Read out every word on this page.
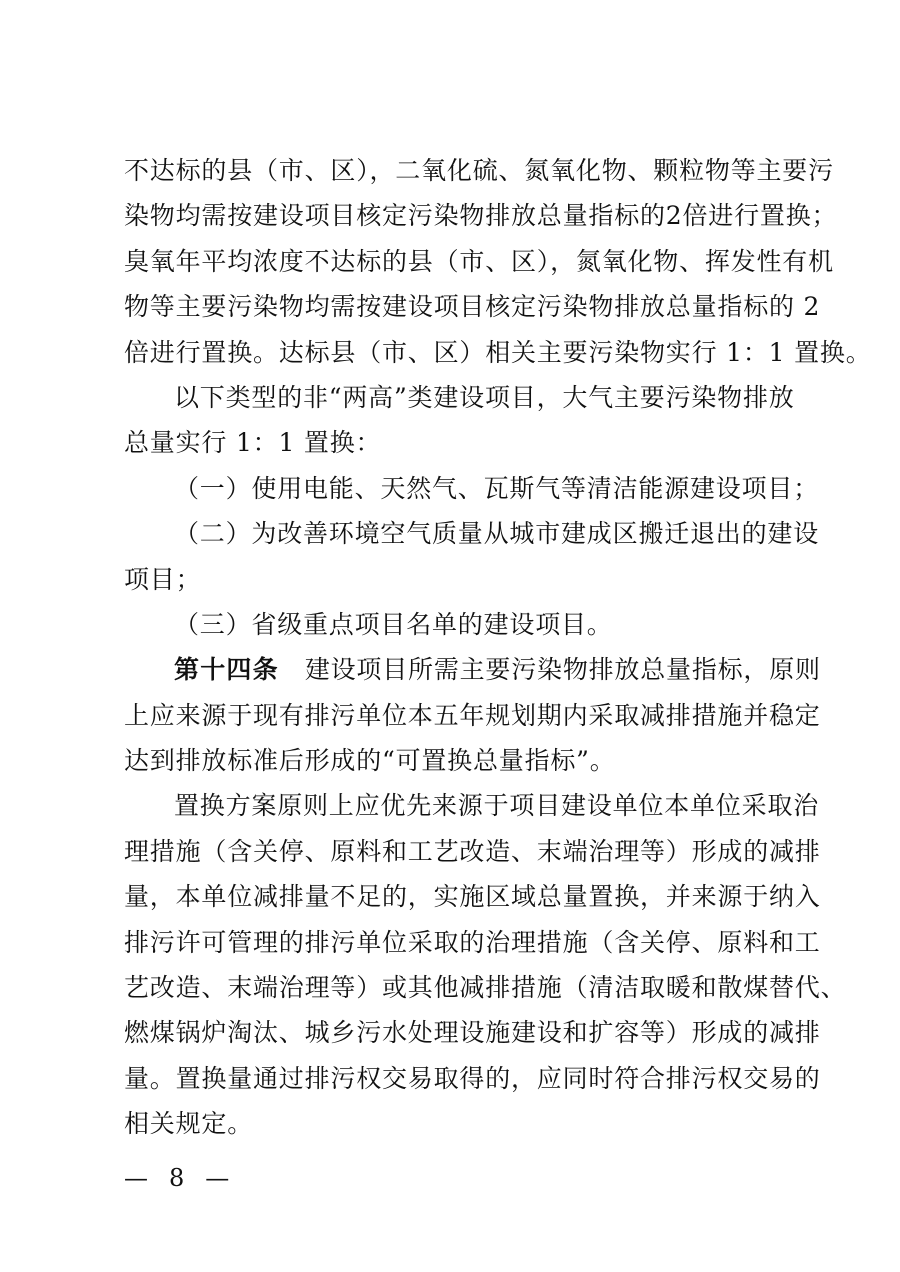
不达标的县（市、区），二氧化硫、氮氧化物、颗粒物等主要污
染物均需按建设项目核定污染物排放总量指标的2倍进行置换；
臭氧年平均浓度不达标的县（市、区），氮氧化物、挥发性有机
物等主要污染物均需按建设项目核定污染物排放总量指标的 2
倍进行置换。达标县（市、区）相关主要污染物实行 1：1 置换。
以下类型的非“两高”类建设项目，大气主要污染物排放
总量实行 1：1 置换：
（一）使用电能、天然气、瓦斯气等清洁能源建设项目；
（二）为改善环境空气质量从城市建成区搬迁退出的建设
项目；
（三）省级重点项目名单的建设项目。
第十四条 建设项目所需主要污染物排放总量指标，原则
上应来源于现有排污单位本五年规划期内采取减排措施并稳定
达到排放标准后形成的“可置换总量指标”。
置换方案原则上应优先来源于项目建设单位本单位采取治
理措施（含关停、原料和工艺改造、末端治理等）形成的减排
量，本单位减排量不足的，实施区域总量置换，并来源于纳入
排污许可管理的排污单位采取的治理措施（含关停、原料和工
艺改造、末端治理等）或其他减排措施（清洁取暖和散煤替代、
燃煤锅炉淘汰、城乡污水处理设施建设和扩容等）形成的减排
量。置换量通过排污权交易取得的，应同时符合排污权交易的
相关规定。
— 8 —
